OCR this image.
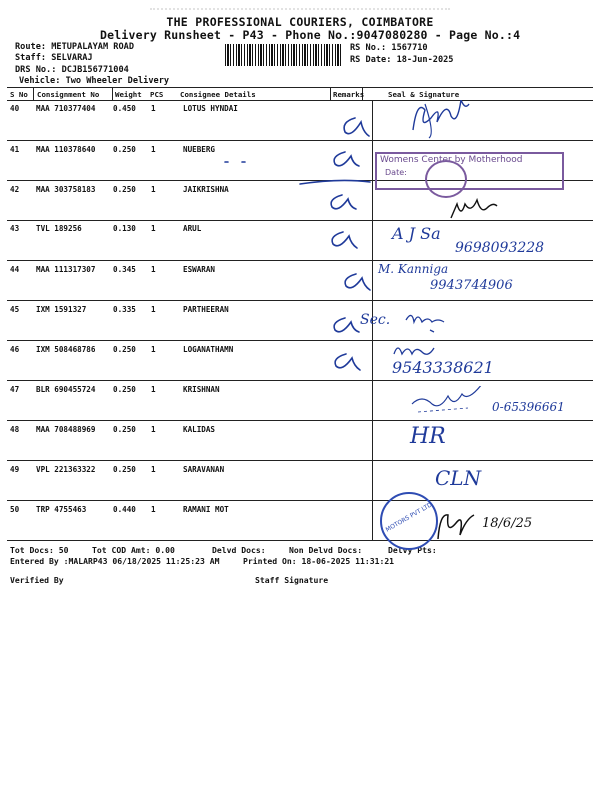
THE PROFESSIONAL COURIERS, COIMBATORE
Delivery Runsheet - P43 - Phone No.:9047080280 - Page No.:4
Route: METUPALAYAM ROAD
Staff: SELVARAJ
DRS No.: DCJB156771004
Vehicle: Two Wheeler Delivery
RS No.: 1567710
RS Date: 18-Jun-2025
S No Consignment No Weight PCS Consignee Details	Remarks	Seal & Signature
40 MAA 710377404 0.450 1	LOTUS HYNDAI
41 MAA 110378640 0.250 1	NUEBERG
42 MAA 303758183 0.250 1	JAIKRISHNA
43 TVL 189256	0.130 1	ARUL
44 MAA 111317307 0.345 1	ESWARAN
45 IXM 1591327	0.335 1	PARTHEERAN
46 IXM 508468786 0.250 1	LOGANATHAMN
47 BLR 690455724 0.250 1	KRISHNAN
48 MAA 708488969 0.250 1	KALIDAS
49 VPL 221363322 0.250 1	SARAVANAN
50 TRP 4755463	0.440 1	RAMANI MOT
Tot Docs: 50	Tot COD Amt: 0.00	Delvd Docs:	Non Delvd Docs:	Delvy Pts:
Entered By :MALARP43 06/18/2025 11:25:23 AM	Printed On: 18-06-2025 11:31:21
Verified By	Staff Signature
Womens Center by Motherhood
Date:
A J Sa
9698093228
M. Kanniga
9943744906
Sec.
9543338621
0-65396661
HR
CLN
MOTORS PVT LTD	18/6/25
